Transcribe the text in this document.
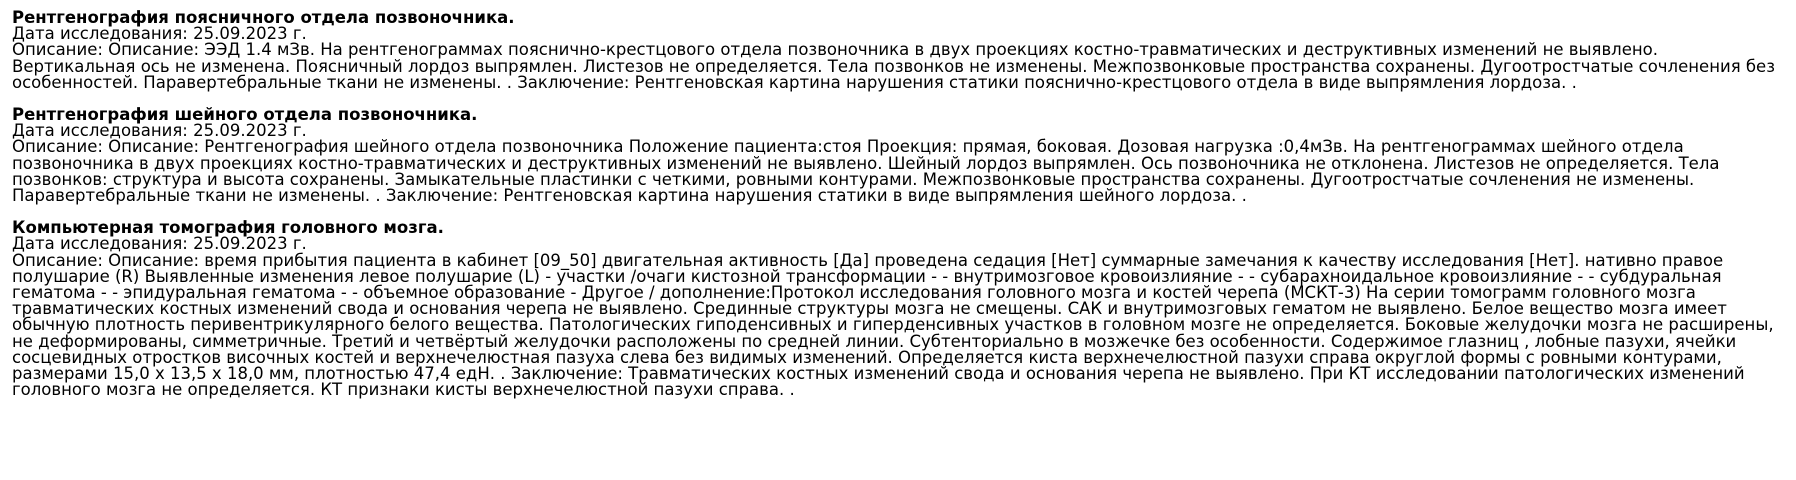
Рентгенография поясничного отдела позвоночника.
Дата исследования: 25.09.2023 г.
Описание: Описание: ЭЭД 1.4 мЗв. На рентгенограммах пояснично-крестцового отдела позвоночника в двух проекциях костно-травматических и деструктивных изменений не выявлено. Вертикальная ось не изменена. Поясничный лордоз выпрямлен. Листезов не определяется. Тела позвонков не изменены. Межпозвонковые пространства сохранены. Дугоотростчатые сочленения без особенностей. Паравертебральные ткани не изменены. . Заключение: Рентгеновская картина нарушения статики пояснично-крестцового отдела в виде выпрямления лордоза. .
Рентгенография шейного отдела позвоночника.
Дата исследования: 25.09.2023 г.
Описание: Описание: Рентгенография шейного отдела позвоночника Положение пациента:стоя Проекция: прямая, боковая. Дозовая нагрузка :0,4мЗв. На рентгенограммах шейного отдела позвоночника в двух проекциях костно-травматических и деструктивных изменений не выявлено. Шейный лордоз выпрямлен. Ось позвоночника не отклонена. Листезов не определяется. Тела позвонков: структура и высота сохранены. Замыкательные пластинки с четкими, ровными контурами. Межпозвонковые пространства сохранены. Дугоотростчатые сочленения не изменены. Паравертебральные ткани не изменены. . Заключение: Рентгеновская картина нарушения статики в виде выпрямления шейного лордоза. .
Компьютерная томография головного мозга.
Дата исследования: 25.09.2023 г.
Описание: Описание: время прибытия пациента в кабинет [09_50] двигательная активность [Да] проведена седация [Нет] суммарные замечания к качеству исследования [Нет]. нативно правое полушарие (R) Выявленные изменения левое полушарие (L) - участки /очаги кистозной трансформации - - внутримозговое кровоизлияние - - субарахноидальное кровоизлияние - - субдуральная гематома - - эпидуральная гематома - - объемное образование - Другое / дополнение:Протокол исследования головного мозга и костей черепа (МСКТ-3) На серии томограмм головного мозга травматических костных изменений свода и основания черепа не выявлено. Срединные структуры мозга не смещены. САК и внутримозговых гематом не выявлено. Белое вещество мозга имеет обычную плотность перивентрикулярного белого вещества. Патологических гиподенсивных и гиперденсивных участков в головном мозге не определяется. Боковые желудочки мозга не расширены, не деформированы, симметричные. Третий и четвёртый желудочки расположены по средней линии. Субтенториально в мозжечке без особенности. Содержимое глазниц , лобные пазухи, ячейки сосцевидных отростков височных костей и верхнечелюстная пазуха слева без видимых изменений. Определяется киста верхнечелюстной пазухи справа округлой формы с ровными контурами, размерами 15,0 х 13,5 х 18,0 мм, плотностью 47,4 едН. . Заключение: Травматических костных изменений свода и основания черепа не выявлено. При КТ исследовании патологических изменений головного мозга не определяется. КТ признаки кисты верхнечелюстной пазухи справа. .
